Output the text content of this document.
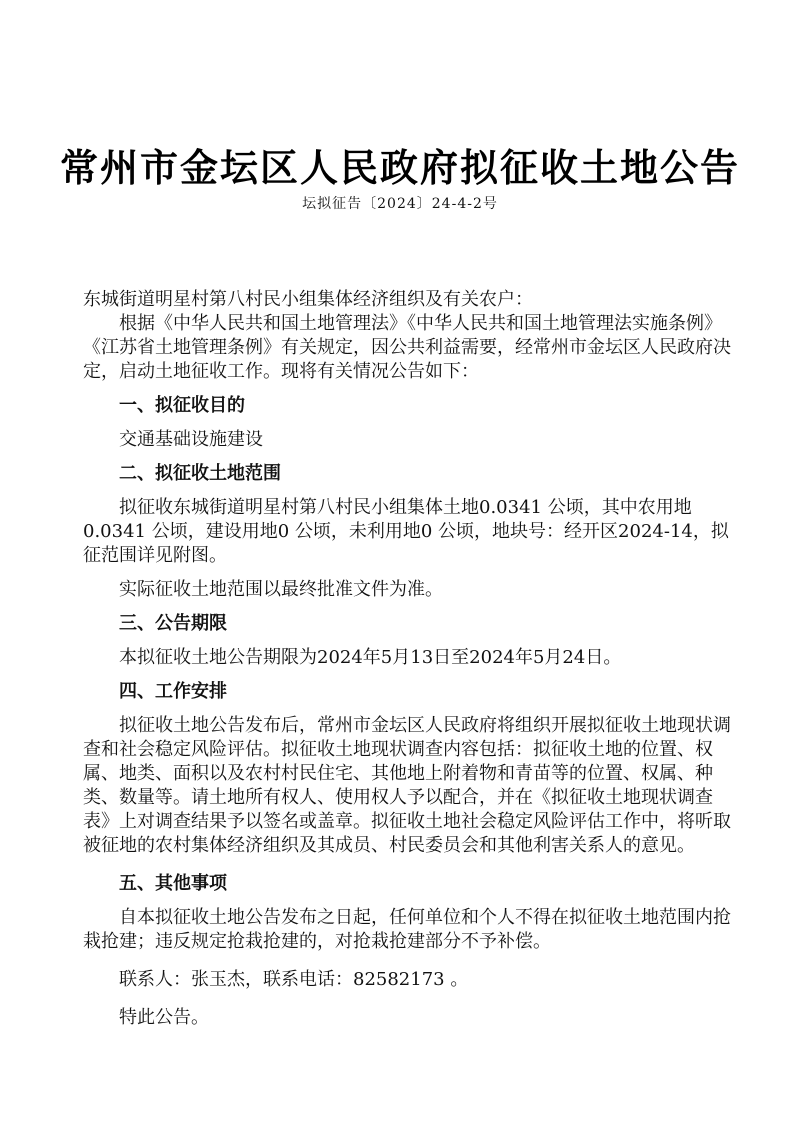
常州市金坛区人民政府拟征收土地公告
坛拟征告〔2024〕24-4-2号

东城街道明星村第八村民小组集体经济组织及有关农户：

根据《中华人民共和国土地管理法》《中华人民共和国土地管理法实施条例》《江苏省土地管理条例》有关规定，因公共利益需要，经常州市金坛区人民政府决定，启动土地征收工作。现将有关情况公告如下：

一、拟征收目的

交通基础设施建设

二、拟征收土地范围

拟征收东城街道明星村第八村民小组集体土地0.0341 公顷，其中农用地0.0341 公顷，建设用地0 公顷，未利用地0 公顷，地块号：经开区2024-14，拟征范围详见附图。

实际征收土地范围以最终批准文件为准。

三、公告期限

本拟征收土地公告期限为2024年5月13日至2024年5月24日。

四、工作安排

拟征收土地公告发布后，常州市金坛区人民政府将组织开展拟征收土地现状调查和社会稳定风险评估。拟征收土地现状调查内容包括：拟征收土地的位置、权属、地类、面积以及农村村民住宅、其他地上附着物和青苗等的位置、权属、种类、数量等。请土地所有权人、使用权人予以配合，并在《拟征收土地现状调查表》上对调查结果予以签名或盖章。拟征收土地社会稳定风险评估工作中，将听取被征地的农村集体经济组织及其成员、村民委员会和其他利害关系人的意见。

五、其他事项

自本拟征收土地公告发布之日起，任何单位和个人不得在拟征收土地范围内抢栽抢建；违反规定抢栽抢建的，对抢栽抢建部分不予补偿。

联系人：张玉杰，联系电话：82582173 。

特此公告。
